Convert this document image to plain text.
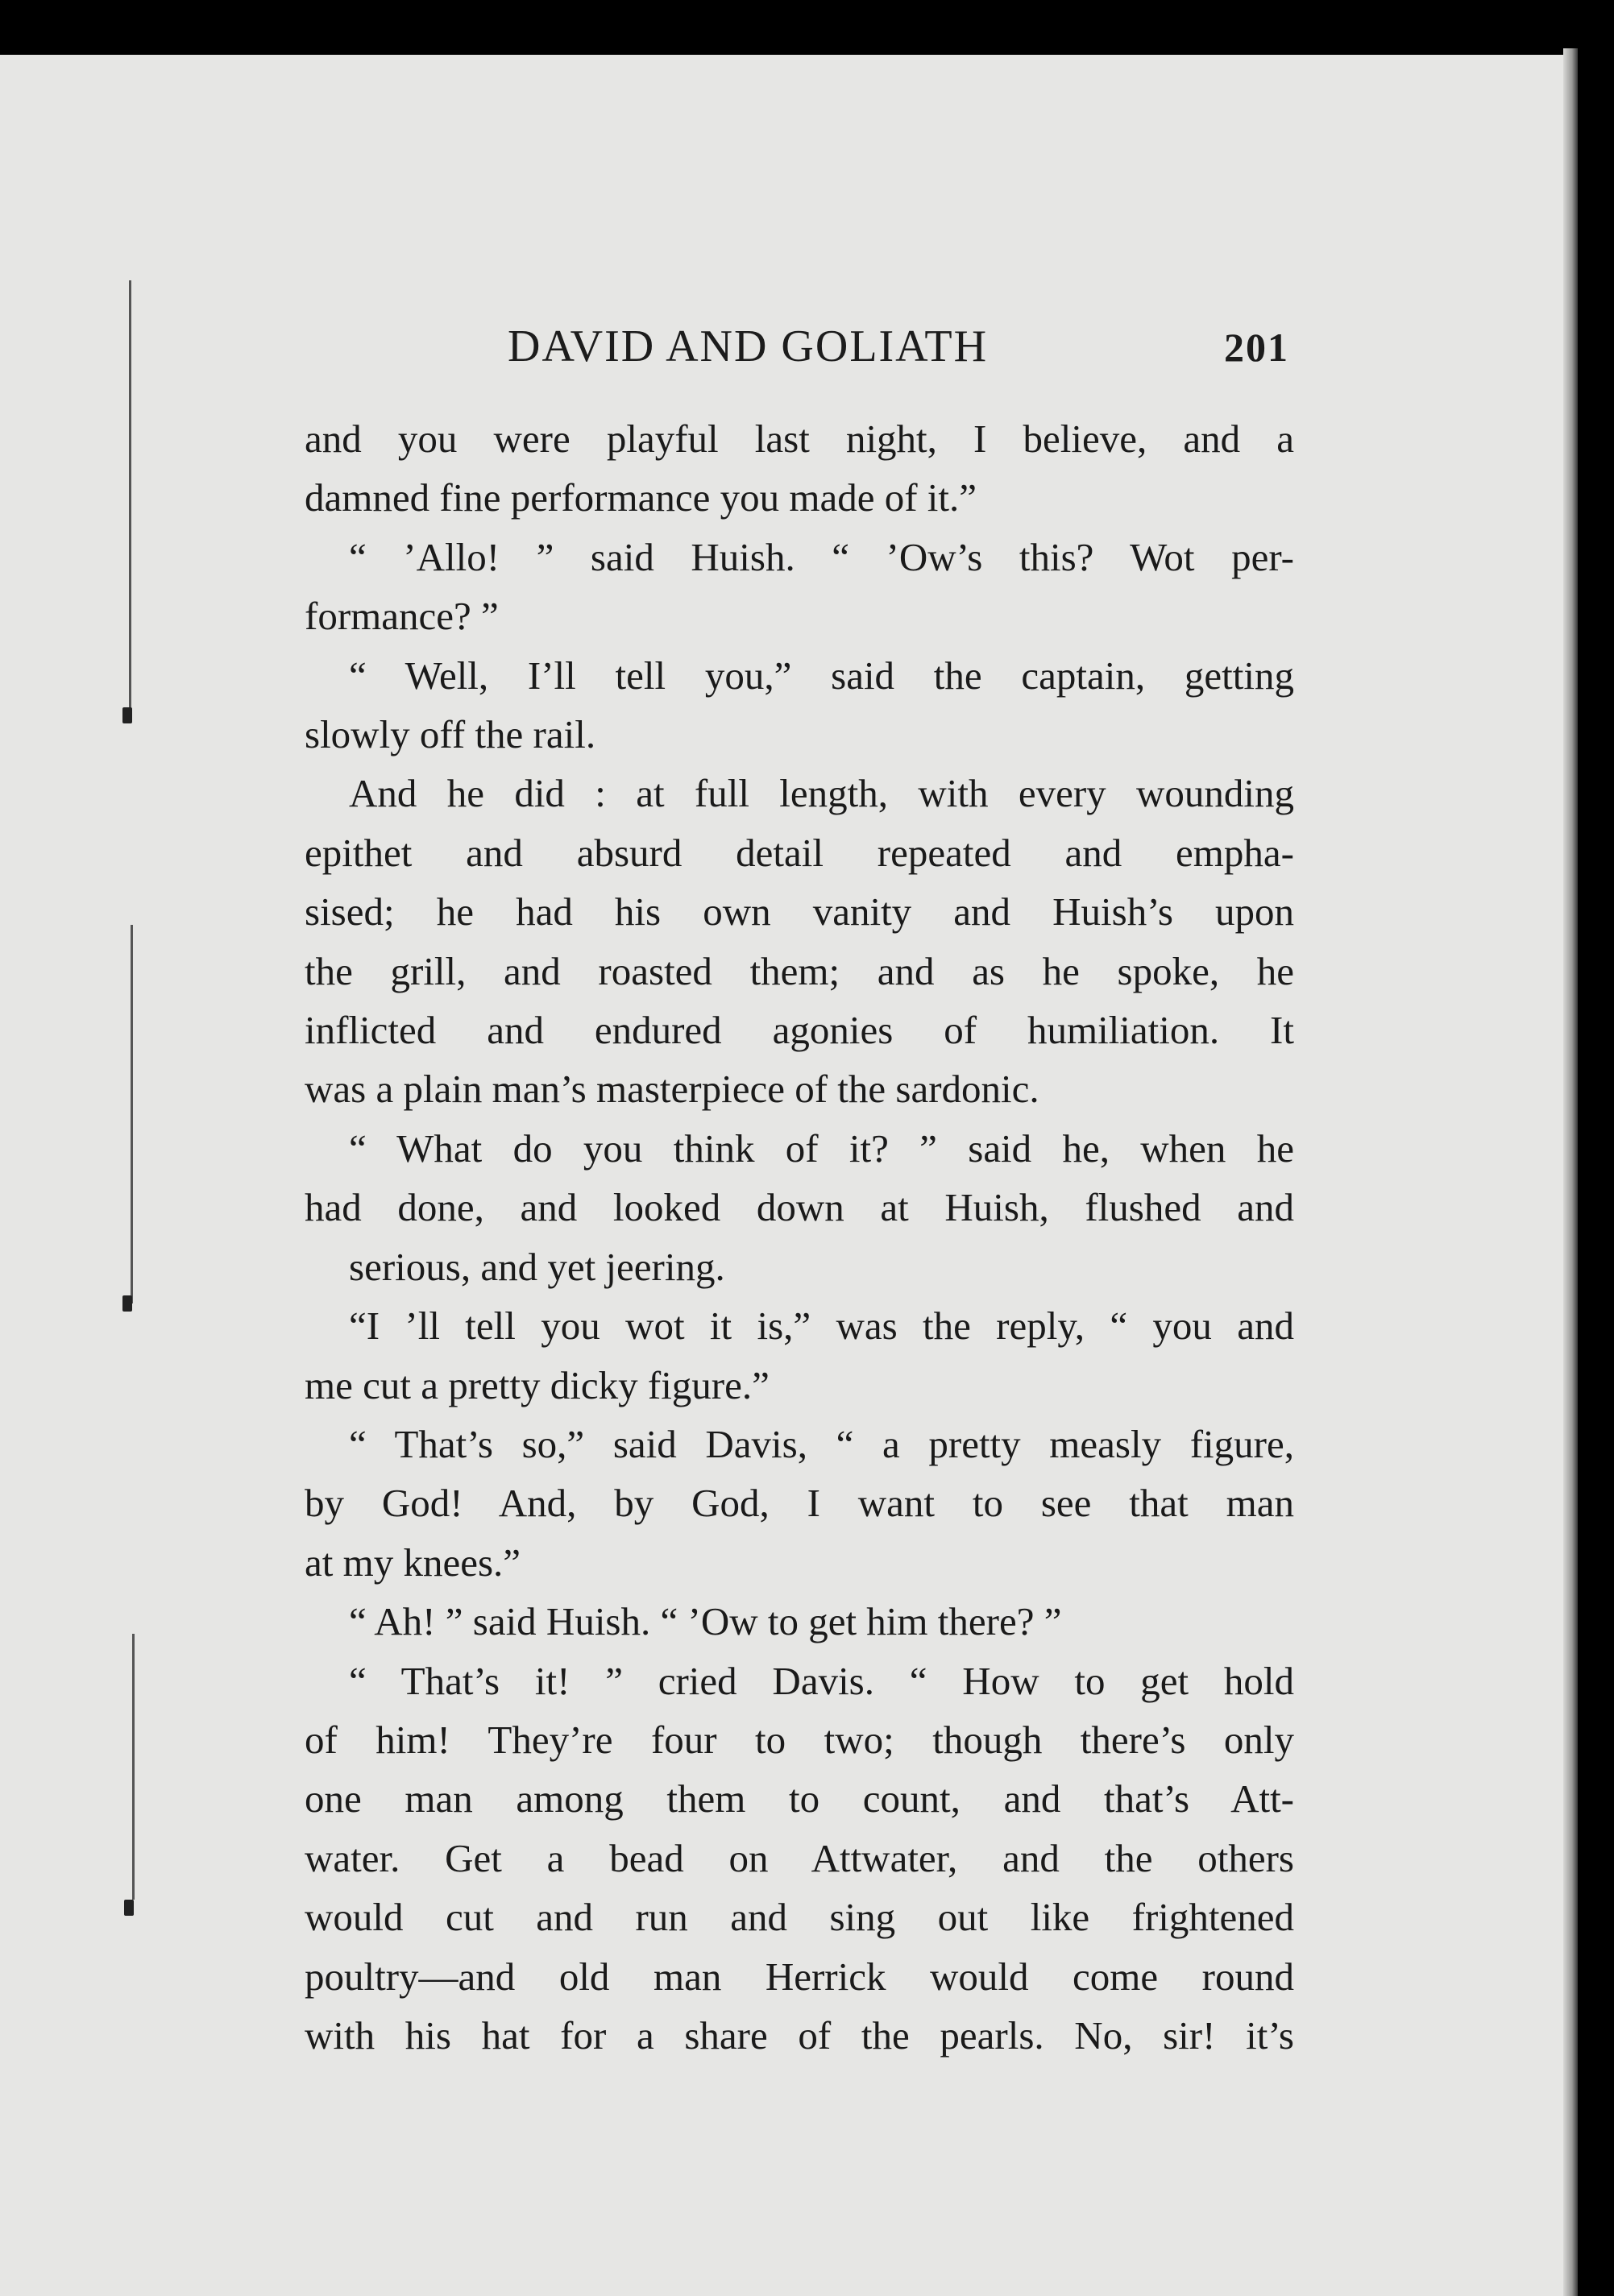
DAVID AND GOLIATH	201
and you were playful last night, I believe, and a
damned fine performance you made of it.”
“ ’Allo! ” said Huish. “ ’Ow’s this? Wot per-
formance? ”
“ Well, I’ll tell you,” said the captain, getting
slowly off the rail.
And he did : at full length, with every wounding
epithet and absurd detail repeated and empha-
sised; he had his own vanity and Huish’s upon
the grill, and roasted them; and as he spoke, he
inflicted and endured agonies of humiliation. It
was a plain man’s masterpiece of the sardonic.
“ What do you think of it? ” said he, when he
had done, and looked down at Huish, flushed and
serious, and yet jeering.
“I ’ll tell you wot it is,” was the reply, “ you and
me cut a pretty dicky figure.”
“ That’s so,” said Davis, “ a pretty measly figure,
by God! And, by God, I want to see that man
at my knees.”
“ Ah! ” said Huish. “ ’Ow to get him there? ”
“ That’s it! ” cried Davis. “ How to get hold
of him! They’re four to two; though there’s only
one man among them to count, and that’s Att-
water. Get a bead on Attwater, and the others
would cut and run and sing out like frightened
poultry—and old man Herrick would come round
with his hat for a share of the pearls. No, sir! it’s
